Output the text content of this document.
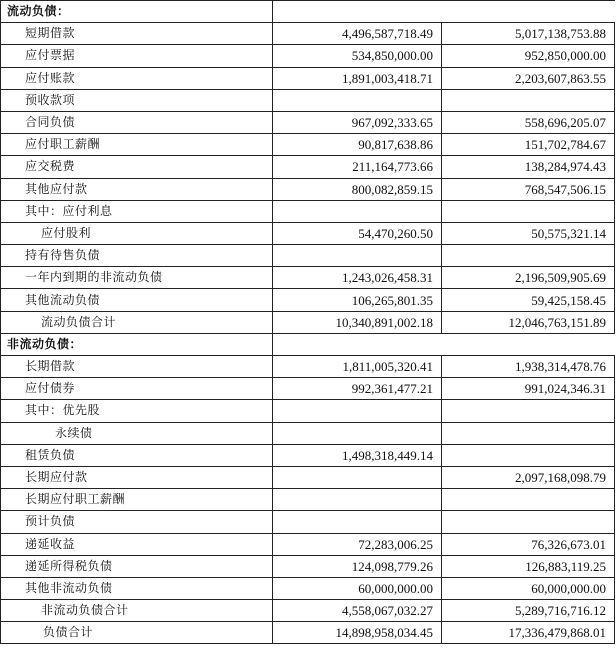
流动负债：		
短期借款	4,496,587,718.49	5,017,138,753.88
应付票据	534,850,000.00	952,850,000.00
应付账款	1,891,003,418.71	2,203,607,863.55
预收款项		
合同负债	967,092,333.65	558,696,205.07
应付职工薪酬	90,817,638.86	151,702,784.67
应交税费	211,164,773.66	138,284,974.43
其他应付款	800,082,859.15	768,547,506.15
其中：应付利息		
应付股利	54,470,260.50	50,575,321.14
持有待售负债		
一年内到期的非流动负债	1,243,026,458.31	2,196,509,905.69
其他流动负债	106,265,801.35	59,425,158.45
流动负债合计	10,340,891,002.18	12,046,763,151.89
非流动负债：		
长期借款	1,811,005,320.41	1,938,314,478.76
应付债券	992,361,477.21	991,024,346.31
其中：优先股		
永续债		
租赁负债	1,498,318,449.14	
长期应付款		2,097,168,098.79
长期应付职工薪酬		
预计负债		
递延收益	72,283,006.25	76,326,673.01
递延所得税负债	124,098,779.26	126,883,119.25
其他非流动负债	60,000,000.00	60,000,000.00
非流动负债合计	4,558,067,032.27	5,289,716,716.12
负债合计	14,898,958,034.45	17,336,479,868.01
